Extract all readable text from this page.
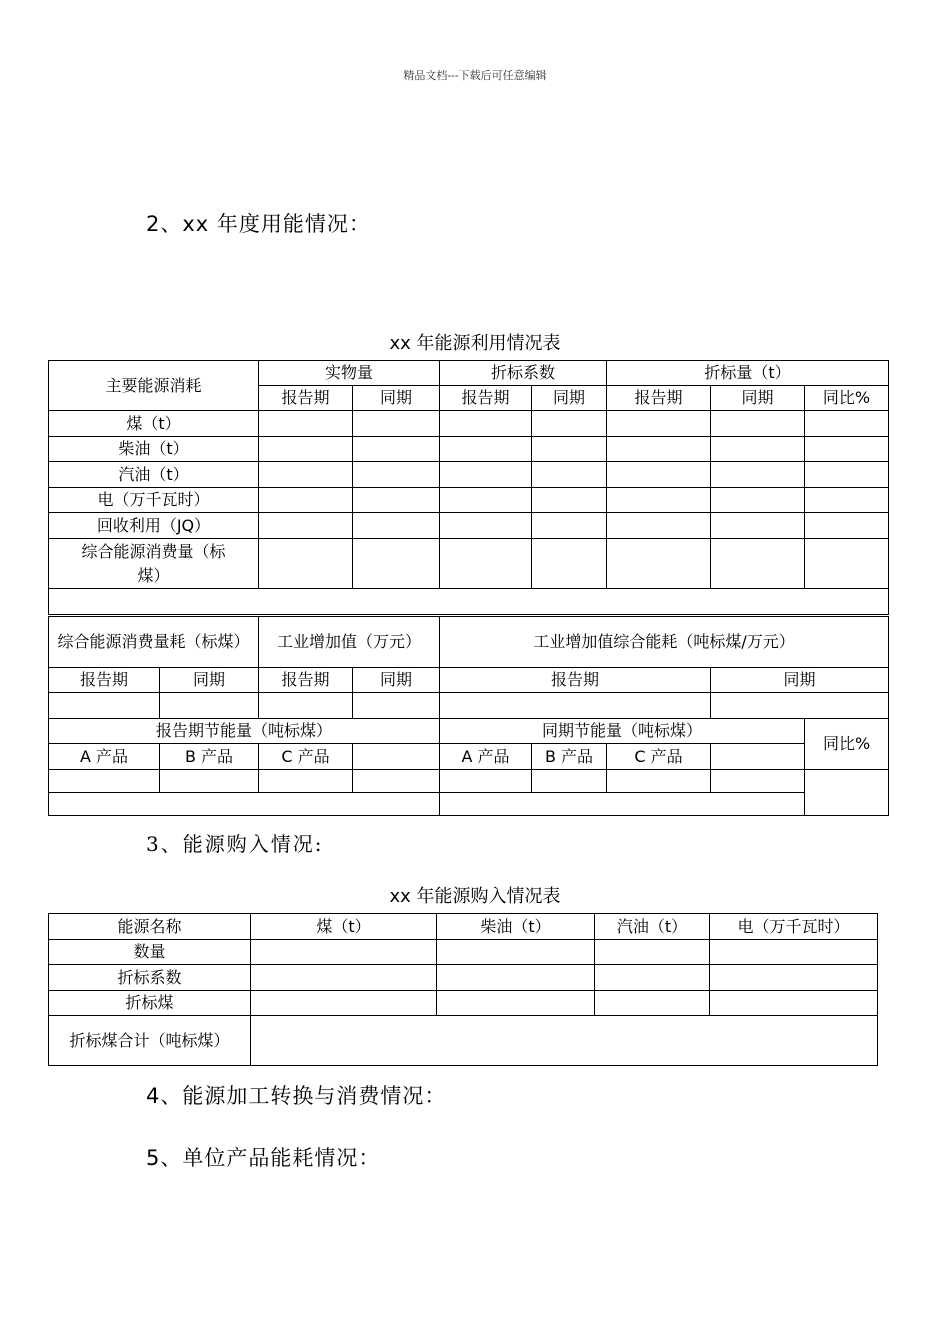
精品文档---下载后可任意编辑
2、xx 年度用能情况：
xx 年能源利用情况表
主要能源消耗	实物量		折标系数		折标量（t）		
	报告期	同期	报告期	同期	报告期	同期	同比%
煤（t）							
柴油（t）							
汽油（t）							
电（万千瓦时）							
回收利用（JQ）							
综合能源消费量（标煤）							

综合能源消费量耗（标煤）		工业增加值（万元）		工业增加值综合能耗（吨标煤/万元）					
报告期	同期	报告期	同期	报告期			同期	

报告期节能量（吨标煤）				同期节能量（吨标煤）				同比%	
A 产品	B 产品	C 产品		A 产品	B 产品	C 产品			

3、能源购入情况:
xx 年能源购入情况表
能源名称	煤（t）	柴油（t）	汽油（t）	电（万千瓦时）
数量				
折标系数				
折标煤				
折标煤合计（吨标煤）				
4、能源加工转换与消费情况：
5、单位产品能耗情况：
